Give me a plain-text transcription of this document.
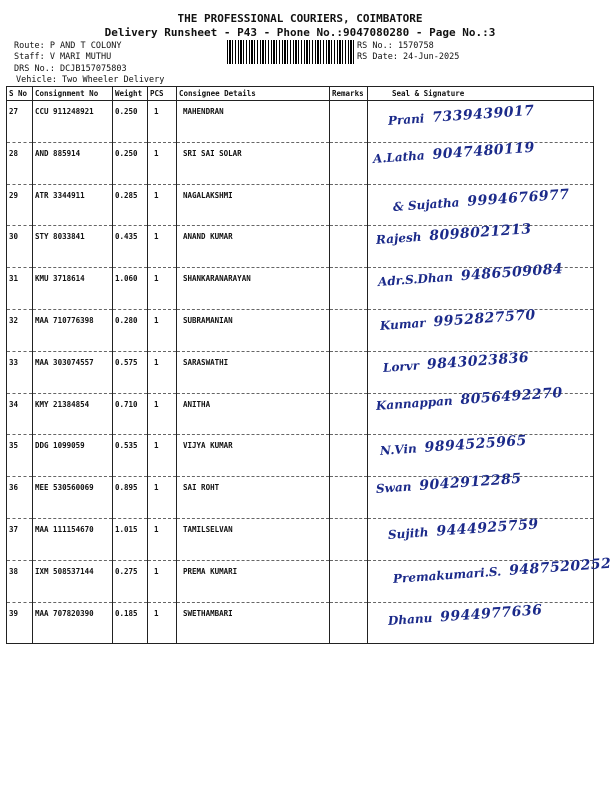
THE PROFESSIONAL COURIERS, COIMBATORE
Delivery Runsheet - P43 - Phone No.:9047080280 - Page No.:3
Route: P AND T COLONY
Staff: V MARI MUTHU
DRS No.: DCJB157075803
Vehicle: Two Wheeler Delivery
RS No.: 1570758
RS Date: 24-Jun-2025
S No	Consignment No	Weight	PCS	Consignee Details	Remarks	Seal & Signature
27	CCU 911248921	0.250	1	MAHENDRAN		Prani 7339439017

28	AND 885914	0.250	1	SRI SAI SOLAR		A.Latha 9047480119

29	ATR 3344911	0.285	1	NAGALAKSHMI		& Sujatha 9994676977

30	STY 8033841	0.435	1	ANAND KUMAR		Rajesh 8098021213

31	KMU 3718614	1.060	1	SHANKARANARAYAN		Adr.S.Dhan 9486509084

32	MAA 710776398	0.280	1	SUBRAMANIAN		Kumar 9952827570

33	MAA 303074557	0.575	1	SARASWATHI		Lorvr 9843023836

34	KMY 21384854	0.710	1	ANITHA		Kannappan 8056492270

35	DDG 1099059	0.535	1	VIJYA KUMAR		N.Vin 9894525965

36	MEE 530560069	0.895	1	SAI ROHT		Swan 9042912285

37	MAA 111154670	1.015	1	TAMILSELVAN		Sujith 9444925759

38	IXM 508537144	0.275	1	PREMA KUMARI		Premakumari.S. 9487520252

39	MAA 707820390	0.185	1	SWETHAMBARI		Dhanu 9944977636
